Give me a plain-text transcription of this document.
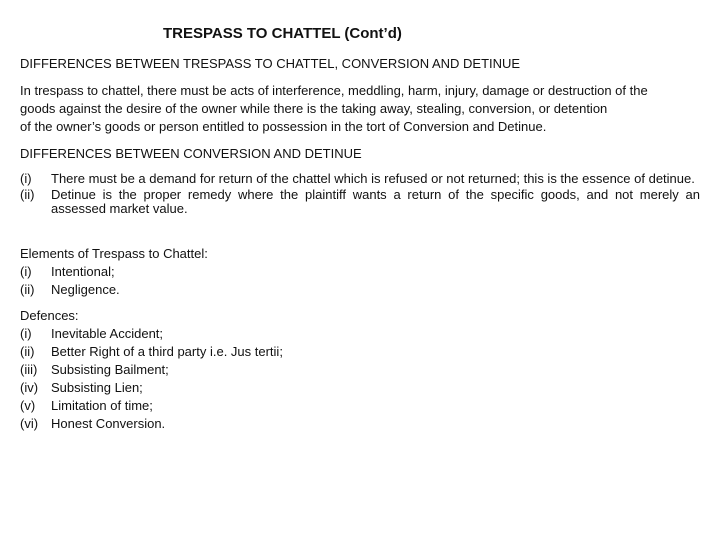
TRESPASS TO CHATTEL (Cont’d)
DIFFERENCES BETWEEN TRESPASS TO CHATTEL, CONVERSION AND DETINUE
In trespass to chattel, there must be acts of interference, meddling, harm, injury, damage or destruction of the
goods against the desire of the owner while there is the taking away, stealing, conversion, or detention
of the owner’s goods or person entitled to possession in the tort of Conversion and Detinue.
DIFFERENCES BETWEEN CONVERSION AND DETINUE
(i) There must be a demand for return of the chattel which is refused or not returned; this is the essence of detinue.
(ii) Detinue is the proper remedy where the plaintiff wants a return of the specific goods, and not merely an assessed market value.
Elements of Trespass to Chattel:
(i) Intentional;
(ii) Negligence.
Defences:
(i) Inevitable Accident;
(ii) Better Right of a third party i.e. Jus tertii;
(iii) Subsisting Bailment;
(iv) Subsisting Lien;
(v) Limitation of time;
(vi) Honest Conversion.
